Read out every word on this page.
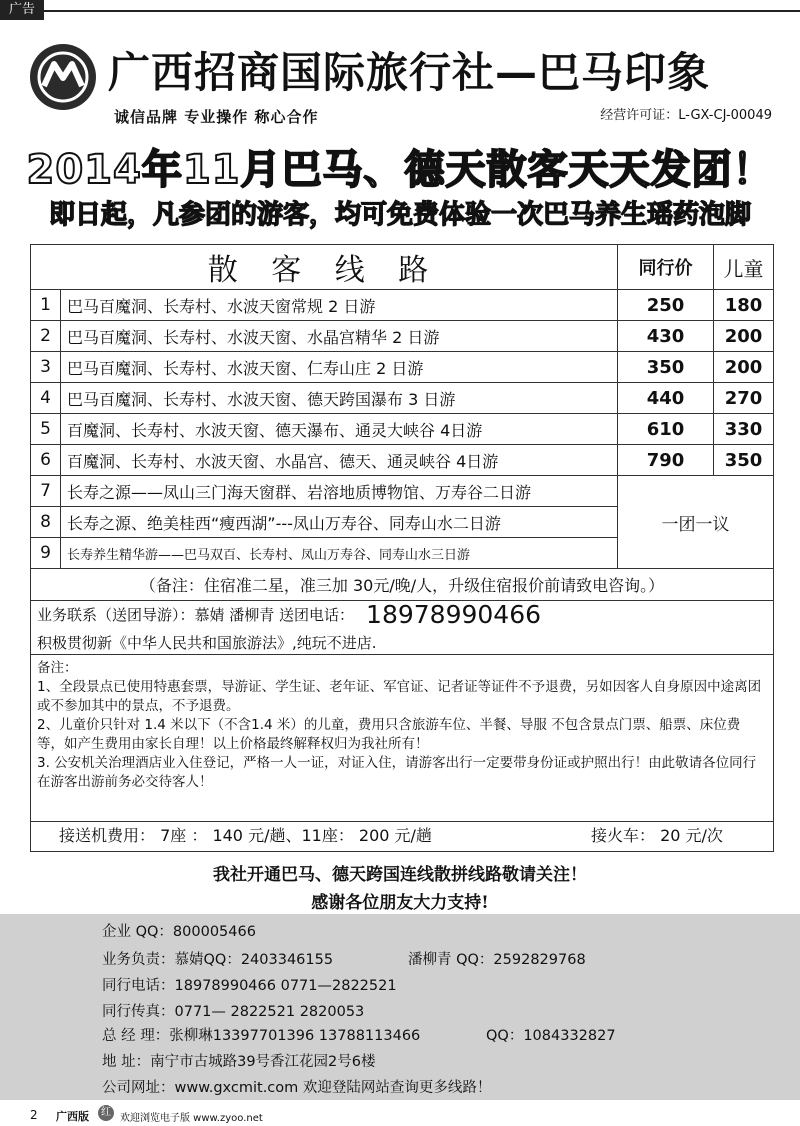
广告
广西招商国际旅行社—巴马印象
诚信品牌 专业操作 称心合作	经营许可证：L-GX-CJ-00049
2014年11月巴马、德天散客天天发团！
即日起，凡参团的游客，均可免费体验一次巴马养生瑶药泡脚
散 客 线 路		同行价	儿童
1	巴马百魔洞、长寿村、水波天窗常规 2 日游	250	180
2	巴马百魔洞、长寿村、水波天窗、水晶宫精华 2 日游	430	200
3	巴马百魔洞、长寿村、水波天窗、仁寿山庄 2 日游	350	200
4	巴马百魔洞、长寿村、水波天窗、德天跨国瀑布 3 日游	440	270
5	百魔洞、长寿村、水波天窗、德天瀑布、通灵大峡谷 4日游	610	330
6	百魔洞、长寿村、水波天窗、水晶宫、德天、通灵峡谷 4日游	790	350
7	长寿之源——凤山三门海天窗群、岩溶地质博物馆、万寿谷二日游	一团一议	
8	长寿之源、绝美桂西“瘦西湖”---凤山万寿谷、同寿山水二日游		
9	长寿养生精华游——巴马双百、长寿村、凤山万寿谷、同寿山水三日游		
（备注：住宿准二星，准三加 30元/晚/人，升级住宿报价前请致电咨询。）			
业务联系（送团导游）：慕婧 潘柳青 送团电话： 18978990466
积极贯彻新《中华人民共和国旅游法》,纯玩不进店.

备注：

1、全段景点已使用特惠套票，导游证、学生证、老年证、军官证、记者证等证件不予退费，另如因客人自身原因中途离团或不参加其中的景点，不予退费。

2、儿童价只针对 1.4 米以下（不含1.4 米）的儿童，费用只含旅游车位、半餐、导服 不包含景点门票、船票、床位费等，如产生费用由家长自理！以上价格最终解释权归为我社所有！

3. 公安机关治理酒店业入住登记，严格一人一证，对证入住，请游客出行一定要带身份证或护照出行！由此敬请各位同行在游客出游前务必交待客人！

接送机费用： 7座 ： 140 元/趟、11座： 200 元/趟	接火车： 20 元/次
我社开通巴马、德天跨国连线散拼线路敬请关注！
感谢各位朋友大力支持!
企业 QQ：800005466
业务负责：慕婧QQ：2403346155	潘柳青 QQ：2592829768
同行电话：18978990466 0771—2822521
同行传真：0771— 2822521 2820053
总 经 理：张柳琳13397701396 13788113466	QQ：1084332827
地 址：南宁市古城路39号香江花园2号6楼
公司网址：www.gxcmit.com 欢迎登陆网站查询更多线路！
2 广西版	红
欢迎浏览电子版 www.zyoo.net
